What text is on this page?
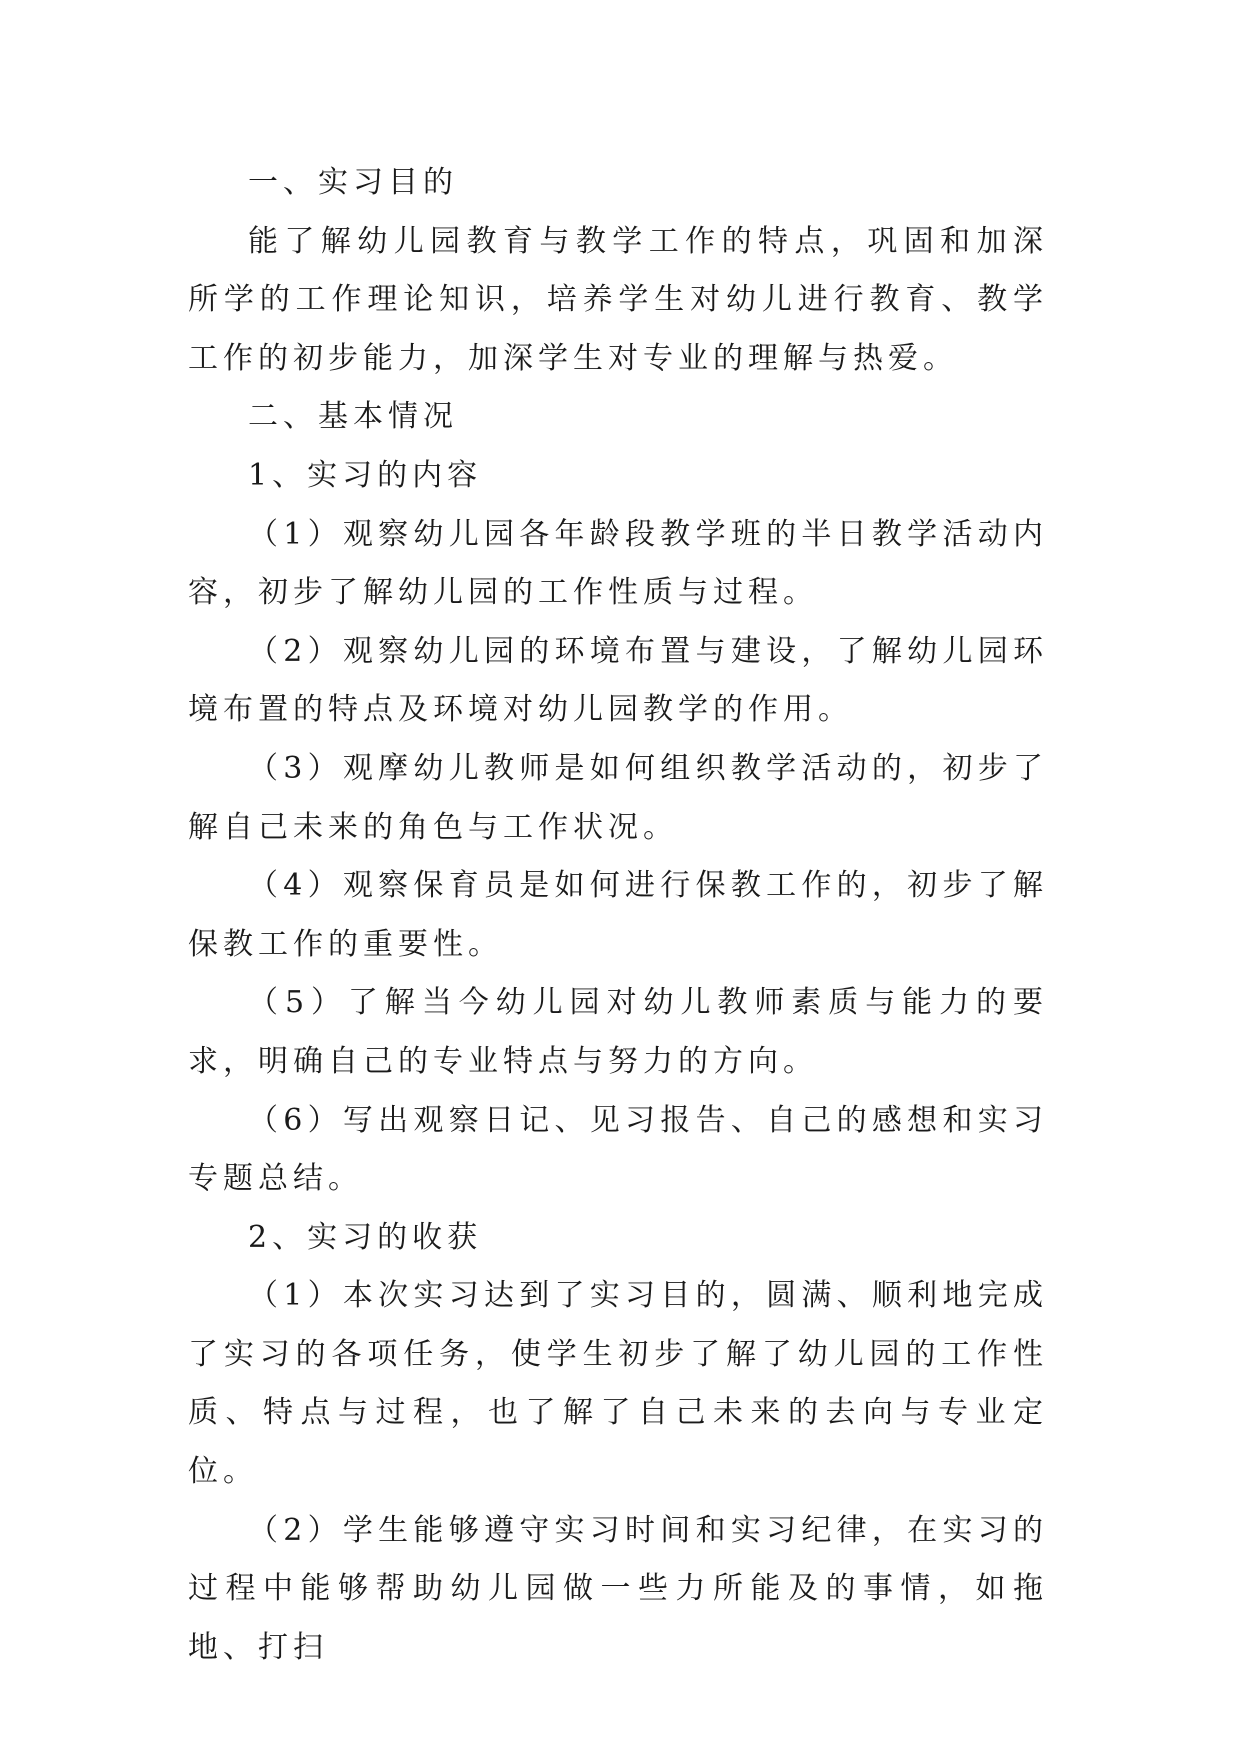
一、实习目的

能了解幼儿园教育与教学工作的特点，巩固和加深所学的工作理论知识，培养学生对幼儿进行教育、教学工作的初步能力，加深学生对专业的理解与热爱。

二、基本情况

1、实习的内容

（1）观察幼儿园各年龄段教学班的半日教学活动内容，初步了解幼儿园的工作性质与过程。

（2）观察幼儿园的环境布置与建设，了解幼儿园环境布置的特点及环境对幼儿园教学的作用。

（3）观摩幼儿教师是如何组织教学活动的，初步了解自己未来的角色与工作状况。

（4）观察保育员是如何进行保教工作的，初步了解保教工作的重要性。

（5）了解当今幼儿园对幼儿教师素质与能力的要求，明确自己的专业特点与努力的方向。

（6）写出观察日记、见习报告、自己的感想和实习专题总结。

2、实习的收获

（1）本次实习达到了实习目的，圆满、顺利地完成了实习的各项任务，使学生初步了解了幼儿园的工作性质、特点与过程，也了解了自己未来的去向与专业定位。

（2）学生能够遵守实习时间和实习纪律，在实习的过程中能够帮助幼儿园做一些力所能及的事情，如拖地、打扫
